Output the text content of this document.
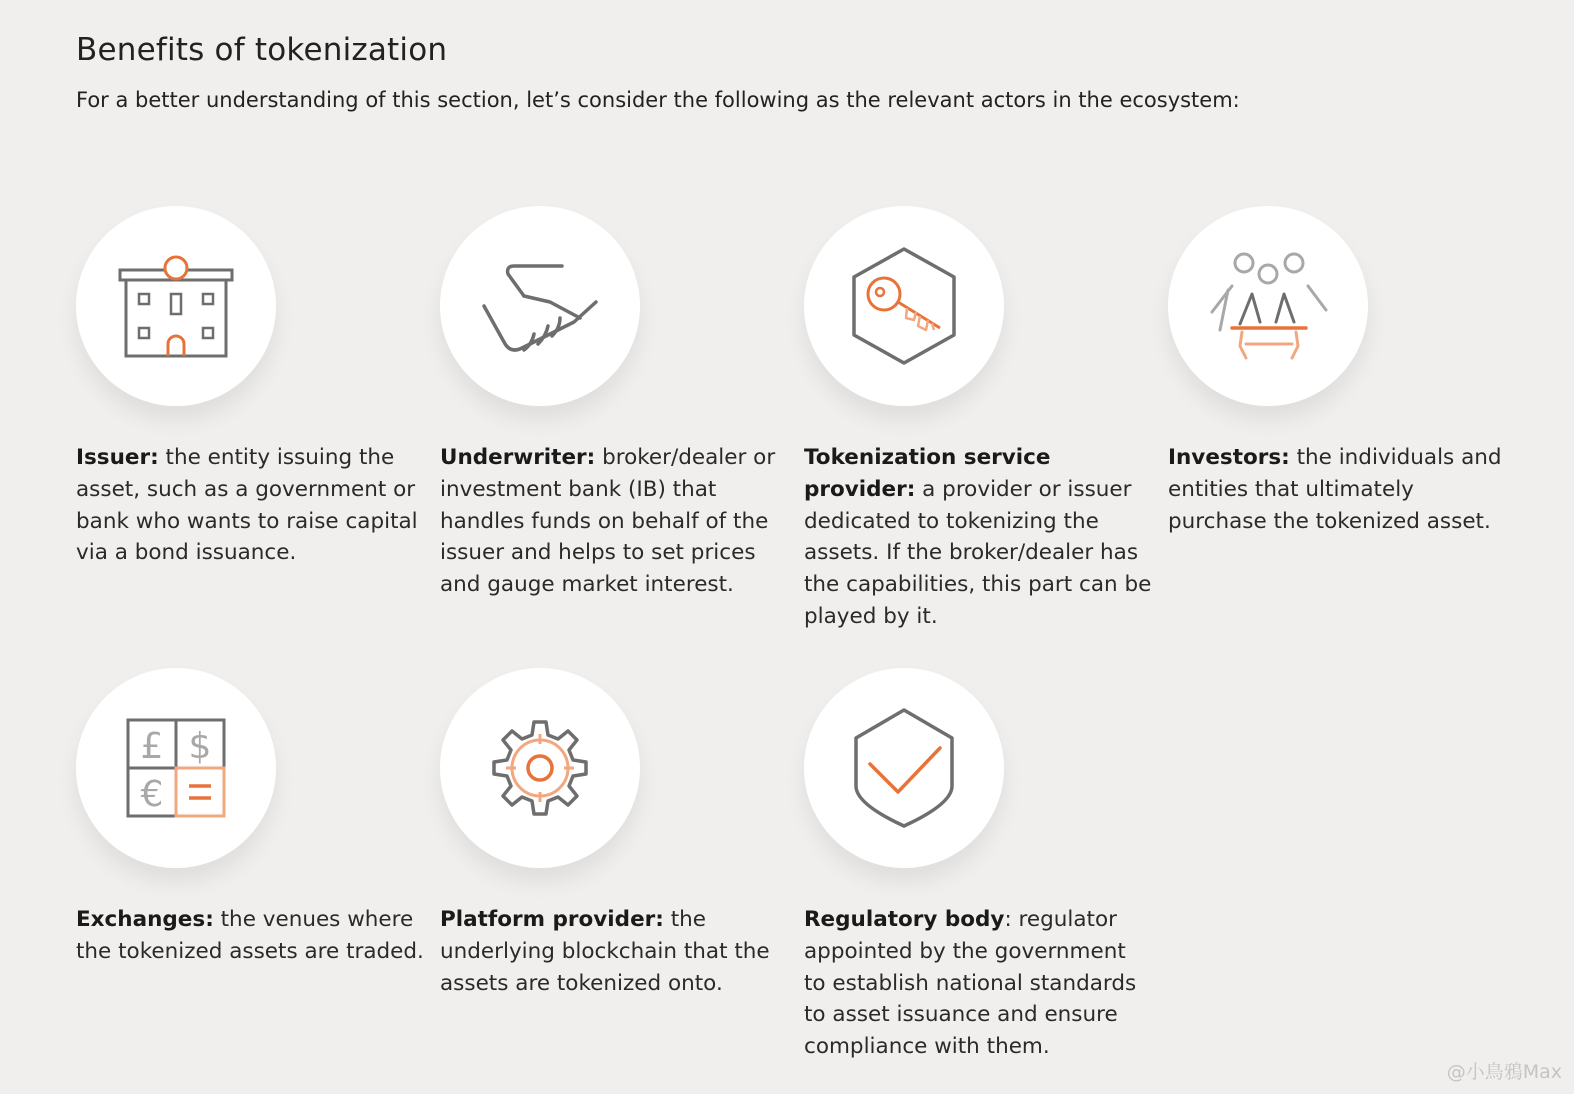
Benefits of tokenization

For a better understanding of this section, let’s consider the following as the relevant actors in the ecosystem:

Issuer: the entity issuing the asset, such as a government or bank who wants to raise capital via a bond issuance.

Underwriter: broker/dealer or investment bank (IB) that handles funds on behalf of the issuer and helps to set prices and gauge market interest.

Tokenization service provider: a provider or issuer dedicated to tokenizing the assets. If the broker/dealer has the capabilities, this part can be played by it.

Investors: the individuals and entities that ultimately purchase the tokenized asset.

£ $
€

Exchanges: the venues where the tokenized assets are traded.

Platform provider: the underlying blockchain that the assets are tokenized onto.

Regulatory body: regulator appointed by the government to establish national standards to asset issuance and ensure compliance with them.

@小鳥鴉Max
